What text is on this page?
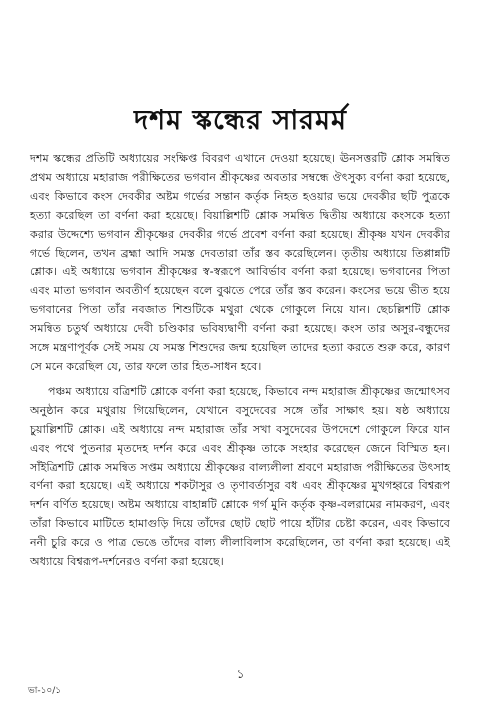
দশম স্কন্ধের সারমর্ম

দশম স্কন্ধের প্রতিটি অধ্যায়ের সংক্ষিপ্ত বিবরণ এখানে দেওয়া হয়েছে। ঊনসত্তরটি শ্লোক সমন্বিত প্রথম অধ্যায়ে মহারাজ পরীক্ষিতের ভগবান শ্রীকৃষ্ণের অবতার সম্বন্ধে ঔৎসুক্য বর্ণনা করা হয়েছে, এবং কিভাবে কংস দেবকীর অষ্টম গর্ভের সন্তান কর্তৃক নিহত হওয়ার ভয়ে দেবকীর ছটি পুত্রকে হত্যা করেছিল তা বর্ণনা করা হয়েছে। বিয়াল্লিশটি শ্লোক সমন্বিত দ্বিতীয় অধ্যায়ে কংসকে হত্যা করার উদ্দেশ্যে ভগবান শ্রীকৃষ্ণের দেবকীর গর্ভে প্রবেশ বর্ণনা করা হয়েছে। শ্রীকৃষ্ণ যখন দেবকীর গর্ভে ছিলেন, তখন ব্রহ্মা আদি সমস্ত দেবতারা তাঁর স্তব করেছিলেন। তৃতীয় অধ্যায়ে তিপ্পান্নটি শ্লোক। এই অধ্যায়ে ভগবান শ্রীকৃষ্ণের স্ব-স্বরূপে আবির্ভাব বর্ণনা করা হয়েছে। ভগবানের পিতা এবং মাতা ভগবান অবতীর্ণ হয়েছেন বলে বুঝতে পেরে তাঁর স্তব করেন। কংসের ভয়ে ভীত হয়ে ভগবানের পিতা তাঁর নবজাত শিশুটিকে মথুরা থেকে গোকুলে নিয়ে যান। ছেচল্লিশটি শ্লোক সমন্বিত চতুর্থ অধ্যায়ে দেবী চণ্ডিকার ভবিষ্যদ্বাণী বর্ণনা করা হয়েছে। কংস তার অসুর-বন্ধুদের সঙ্গে মন্ত্রণাপূর্বক সেই সময় যে সমস্ত শিশুদের জন্ম হয়েছিল তাদের হত্যা করতে শুরু করে, কারণ সে মনে করেছিল যে, তার ফলে তার হিত-সাধন হবে।

পঞ্চম অধ্যায়ে বত্রিশটি শ্লোকে বর্ণনা করা হয়েছে, কিভাবে নন্দ মহারাজ শ্রীকৃষ্ণের জন্মোৎসব অনুষ্ঠান করে মথুরায় গিয়েছিলেন, যেখানে বসুদেবের সঙ্গে তাঁর সাক্ষাৎ হয়। ষষ্ঠ অধ্যায়ে চুয়াল্লিশটি শ্লোক। এই অধ্যায়ে নন্দ মহারাজ তাঁর সখা বসুদেবের উপদেশে গোকুলে ফিরে যান এবং পথে পুতনার মৃতদেহ দর্শন করে এবং শ্রীকৃষ্ণ তাকে সংহার করেছেন জেনে বিস্মিত হন। সাঁইত্রিশটি শ্লোক সমন্বিত সপ্তম অধ্যায়ে শ্রীকৃষ্ণের বাল্যলীলা শ্রবণে মহারাজ পরীক্ষিতের উৎসাহ বর্ণনা করা হয়েছে। এই অধ্যায়ে শকটাসুর ও তৃণাবর্তাসুর বধ এবং শ্রীকৃষ্ণের মুখগহ্বরে বিশ্বরূপ দর্শন বর্ণিত হয়েছে। অষ্টম অধ্যায়ে বাহান্নটি শ্লোকে গর্গ মুনি কর্তৃক কৃষ্ণ-বলরামের নামকরণ, এবং তাঁরা কিভাবে মাটিতে হামাগুড়ি দিয়ে তাঁদের ছোট ছোট পায়ে হাঁটার চেষ্টা করেন, এবং কিভাবে ননী চুরি করে ও পাত্র ভেঙে তাঁদের বাল্য লীলাবিলাস করেছিলেন, তা বর্ণনা করা হয়েছে। এই অধ্যায়ে বিশ্বরূপ-দর্শনেরও বর্ণনা করা হয়েছে।

১
ভা-১০/১
